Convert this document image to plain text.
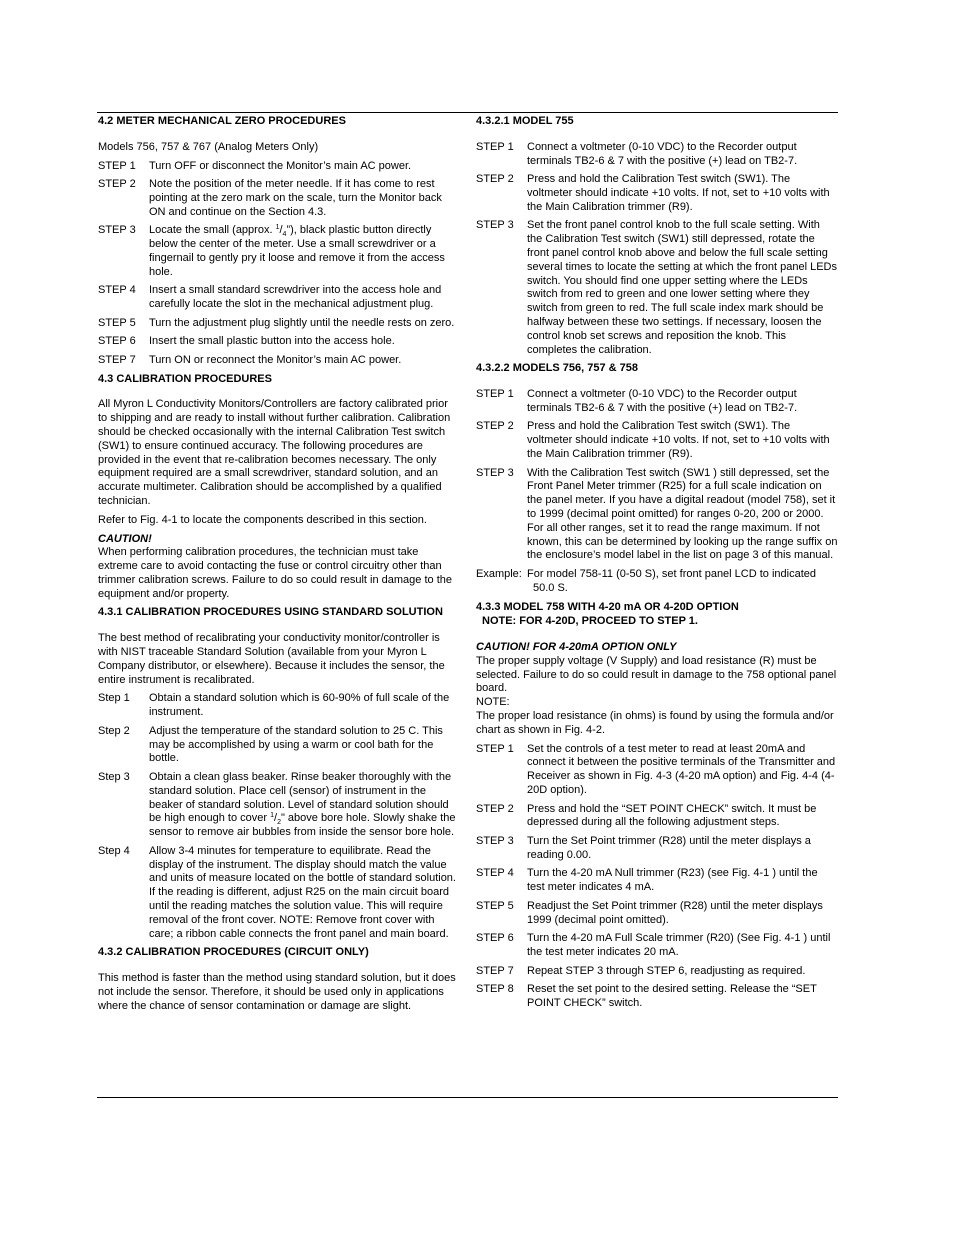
4.2 METER MECHANICAL ZERO PROCEDURES

Models 756, 757 & 767 (Analog Meters Only)

STEP 1	Turn OFF or disconnect the Monitor’s main AC power.
STEP 2	Note the position of the meter needle. If it has come to rest pointing at the zero mark on the scale, turn the Monitor back ON and continue on the Section 4.3.
STEP 3	Locate the small (approx. $^1/_4$”), black plastic button directly below the center of the meter. Use a small screwdriver or a fingernail to gently pry it loose and remove it from the access hole.
STEP 4	Insert a small standard screwdriver into the access hole and carefully locate the slot in the mechanical adjustment plug.
STEP 5	Turn the adjustment plug slightly until the needle rests on zero.
STEP 6	Insert the small plastic button into the access hole.
STEP 7	Turn ON or reconnect the Monitor’s main AC power.
4.3 CALIBRATION PROCEDURES

All Myron L Conductivity Monitors/Controllers are factory calibrated prior to shipping and are ready to install without further calibration. Calibration should be checked occasionally with the internal Calibration Test switch (SW1) to ensure continued accuracy. The following procedures are provided in the event that re-calibration becomes necessary. The only equipment required are a small screwdriver, standard solution, and an accurate multimeter. Calibration should be accomplished by a qualified technician.

Refer to Fig. 4-1 to locate the components described in this section.

CAUTION!

When performing calibration procedures, the technician must take extreme care to avoid contacting the fuse or control circuitry other than trimmer calibration screws. Failure to do so could result in damage to the equipment and/or property.

4.3.1 CALIBRATION PROCEDURES USING STANDARD SOLUTION

The best method of recalibrating your conductivity monitor/controller is with NIST traceable Standard Solution (available from your Myron L Company distributor, or elsewhere). Because it includes the sensor, the entire instrument is recalibrated.

Step 1	Obtain a standard solution which is 60-90% of full scale of the instrument.
Step 2	Adjust the temperature of the standard solution to 25 C. This may be accomplished by using a warm or cool bath for the bottle.
Step 3	Obtain a clean glass beaker. Rinse beaker thoroughly with the standard solution. Place cell (sensor) of instrument in the beaker of standard solution. Level of standard solution should be high enough to cover $^1/_2$" above bore hole. Slowly shake the sensor to remove air bubbles from inside the sensor bore hole.
Step 4	Allow 3-4 minutes for temperature to equilibrate. Read the display of the instrument. The display should match the value and units of measure located on the bottle of standard solution. If the reading is different, adjust R25 on the main circuit board until the reading matches the solution value. This will require removal of the front cover. NOTE: Remove front cover with care; a ribbon cable connects the front panel and main board.
4.3.2 CALIBRATION PROCEDURES (CIRCUIT ONLY)

This method is faster than the method using standard solution, but it does not include the sensor. Therefore, it should be used only in applications where the chance of sensor contamination or damage are slight.

4.3.2.1 MODEL 755
STEP 1	Connect a voltmeter (0-10 VDC) to the Recorder output terminals TB2-6 & 7 with the positive (+) lead on TB2-7.
STEP 2	Press and hold the Calibration Test switch (SW1). The voltmeter should indicate +10 volts. If not, set to +10 volts with the Main Calibration trimmer (R9).
STEP 3	Set the front panel control knob to the full scale setting. With the Calibration Test switch (SW1) still depressed, rotate the front panel control knob above and below the full scale setting several times to locate the setting at which the front panel LEDs switch. You should find one upper setting where the LEDs switch from red to green and one lower setting where they switch from green to red. The full scale index mark should be halfway between these two settings. If necessary, loosen the control knob set screws and reposition the knob. This completes the calibration.
4.3.2.2 MODELS 756, 757 & 758
STEP 1	Connect a voltmeter (0-10 VDC) to the Recorder output terminals TB2-6 & 7 with the positive (+) lead on TB2-7.
STEP 2	Press and hold the Calibration Test switch (SW1). The voltmeter should indicate +10 volts. If not, set to +10 volts with the Main Calibration trimmer (R9).
STEP 3	With the Calibration Test switch (SW1 ) still depressed, set the Front Panel Meter trimmer (R25) for a full scale indication on the panel meter. If you have a digital readout (model 758), set it to 1999 (decimal point omitted) for ranges 0-20, 200 or 2000. For all other ranges, set it to read the range maximum. If not known, this can be determined by looking up the range suffix on the enclosure’s model label in the list on page 3 of this manual.
Example: For model 758-11 (0-50 S), set front panel LCD to indicated
50.0 S.
4.3.3 MODEL 758 WITH 4-20 mA OR 4-20D OPTION
NOTE: FOR 4-20D, PROCEED TO STEP 1.

CAUTION! FOR 4-20mA OPTION ONLY

The proper supply voltage (V Supply) and load resistance (R) must be selected. Failure to do so could result in damage to the 758 optional panel board.

NOTE:

The proper load resistance (in ohms) is found by using the formula and/or chart as shown in Fig. 4-2.

STEP 1	Set the controls of a test meter to read at least 20mA and connect it between the positive terminals of the Transmitter and Receiver as shown in Fig. 4-3 (4-20 mA option) and Fig. 4-4 (4-20D option).
STEP 2	Press and hold the “SET POINT CHECK” switch. It must be depressed during all the following adjustment steps.
STEP 3	Turn the Set Point trimmer (R28) until the meter displays a reading 0.00.
STEP 4	Turn the 4-20 mA Null trimmer (R23) (see Fig. 4-1 ) until the test meter indicates 4 mA.
STEP 5	Readjust the Set Point trimmer (R28) until the meter displays 1999 (decimal point omitted).
STEP 6	Turn the 4-20 mA Full Scale trimmer (R20) (See Fig. 4-1 ) until the test meter indicates 20 mA.
STEP 7	Repeat STEP 3 through STEP 6, readjusting as required.
STEP 8	Reset the set point to the desired setting. Release the “SET POINT CHECK” switch.
